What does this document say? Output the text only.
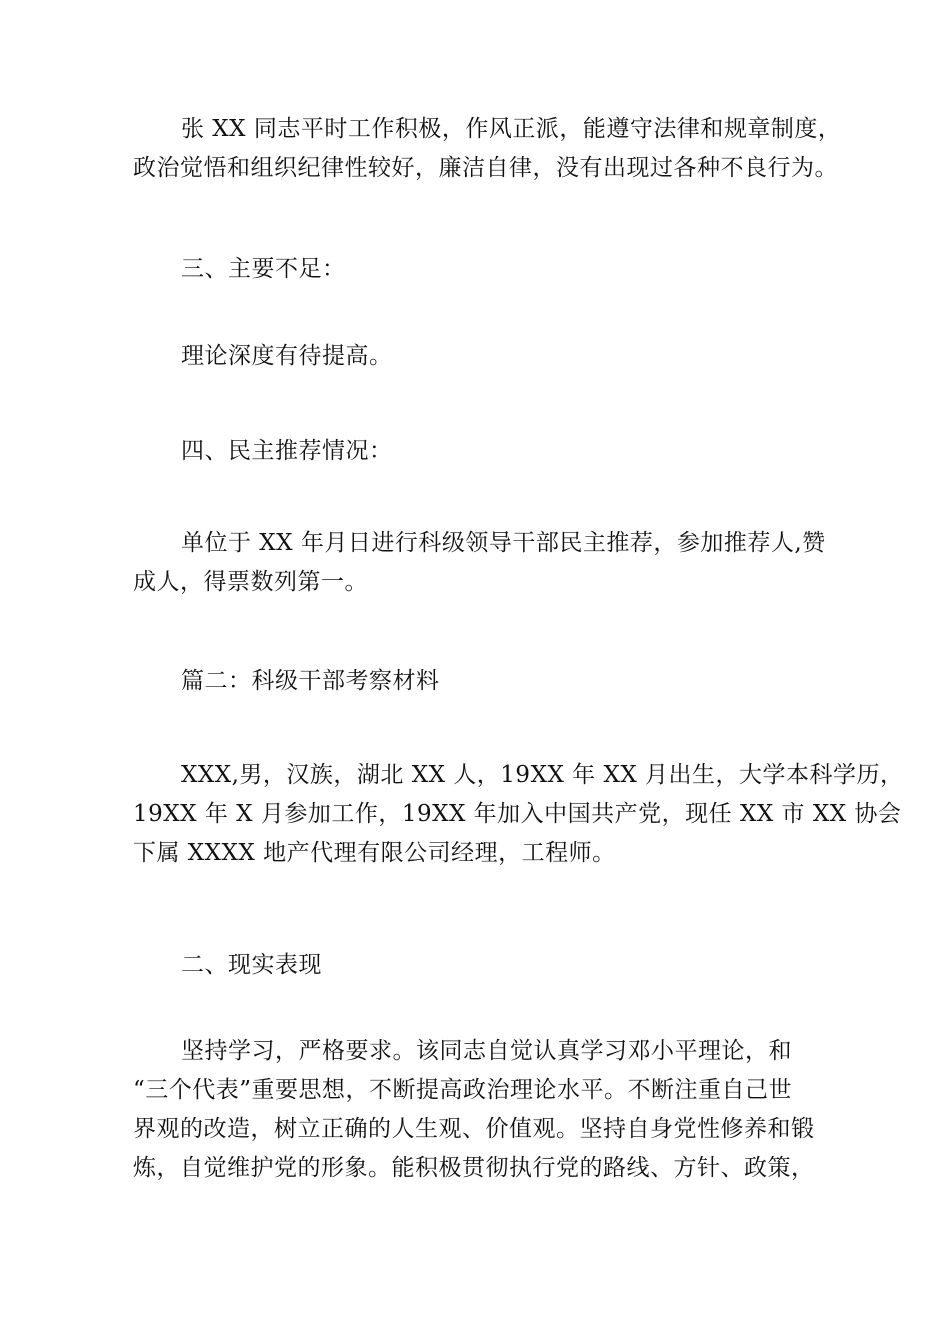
张 XX 同志平时工作积极，作风正派，能遵守法律和规章制度，
政治觉悟和组织纪律性较好，廉洁自律，没有出现过各种不良行为。
三、主要不足：
理论深度有待提高。
四、民主推荐情况：
单位于 XX 年月日进行科级领导干部民主推荐，参加推荐人,赞
成人，得票数列第一。
篇二：科级干部考察材料
XXX,男，汉族，湖北 XX 人，19XX 年 XX 月出生，大学本科学历，
19XX 年 X 月参加工作，19XX 年加入中国共产党，现任 XX 市 XX 协会
下属 XXXX 地产代理有限公司经理，工程师。
二、现实表现
坚持学习，严格要求。该同志自觉认真学习邓小平理论，和
“三个代表”重要思想，不断提高政治理论水平。不断注重自己世
界观的改造，树立正确的人生观、价值观。坚持自身党性修养和锻
炼，自觉维护党的形象。能积极贯彻执行党的路线、方针、政策，
